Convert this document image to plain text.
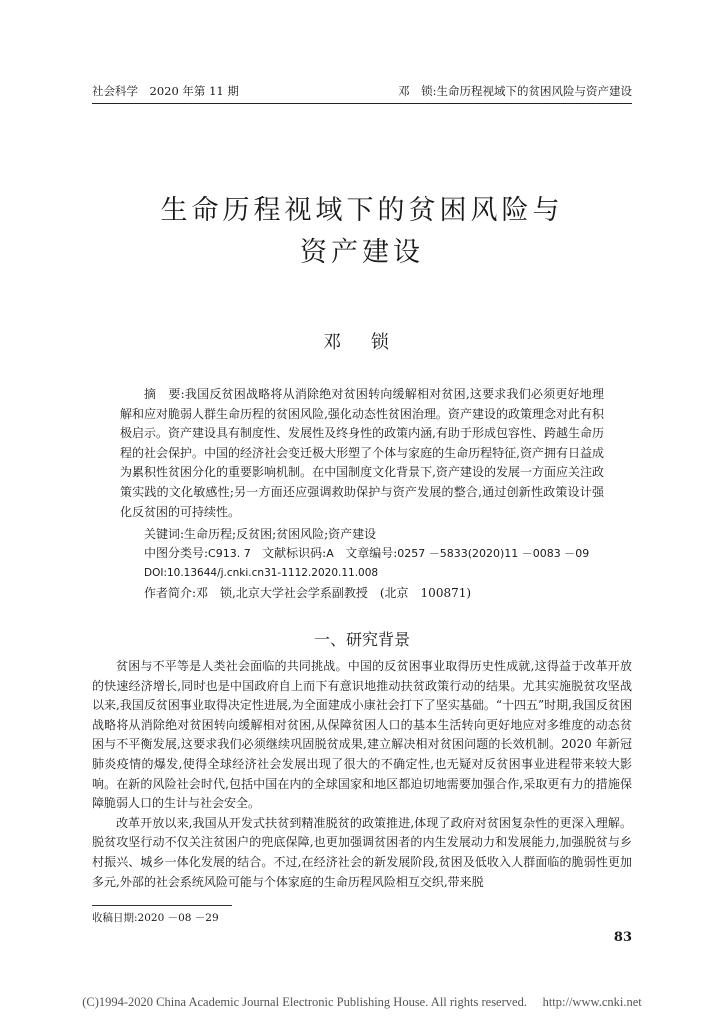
社会科学　2020 年第 11 期	邓　锁:生命历程视域下的贫困风险与资产建设
生命历程视域下的贫困风险与
资产建设
邓 锁
摘　要:我国反贫困战略将从消除绝对贫困转向缓解相对贫困,这要求我们必须更好地理解和应对脆弱人群生命历程的贫困风险,强化动态性贫困治理。资产建设的政策理念对此有积极启示。资产建设具有制度性、发展性及终身性的政策内涵,有助于形成包容性、跨越生命历程的社会保护。中国的经济社会变迁极大形塑了个体与家庭的生命历程特征,资产拥有日益成为累积性贫困分化的重要影响机制。在中国制度文化背景下,资产建设的发展一方面应关注政策实践的文化敏感性;另一方面还应强调救助保护与资产发展的整合,通过创新性政策设计强化反贫困的可持续性。
关键词:生命历程;反贫困;贫困风险;资产建设
中图分类号:C913. 7 文献标识码:A 文章编号:0257 －5833(2020)11 －0083 －09
DOI:10.13644/j.cnki.cn31-1112.2020.11.008
作者简介:邓　锁,北京大学社会学系副教授　(北京　100871)
一、研究背景

贫困与不平等是人类社会面临的共同挑战。中国的反贫困事业取得历史性成就,这得益于改革开放的快速经济增长,同时也是中国政府自上而下有意识地推动扶贫政策行动的结果。尤其实施脱贫攻坚战以来,我国反贫困事业取得决定性进展,为全面建成小康社会打下了坚实基础。“十四五”时期,我国反贫困战略将从消除绝对贫困转向缓解相对贫困,从保障贫困人口的基本生活转向更好地应对多维度的动态贫困与不平衡发展,这要求我们必须继续巩固脱贫成果,建立解决相对贫困问题的长效机制。2020 年新冠肺炎疫情的爆发,使得全球经济社会发展出现了很大的不确定性,也无疑对反贫困事业进程带来较大影响。在新的风险社会时代,包括中国在内的全球国家和地区都迫切地需要加强合作,采取更有力的措施保障脆弱人口的生计与社会安全。

改革开放以来,我国从开发式扶贫到精准脱贫的政策推进,体现了政府对贫困复杂性的更深入理解。脱贫攻坚行动不仅关注贫困户的兜底保障,也更加强调贫困者的内生发展动力和发展能力,加强脱贫与乡村振兴、城乡一体化发展的结合。不过,在经济社会的新发展阶段,贫困及低收入人群面临的脆弱性更加多元,外部的社会系统风险可能与个体家庭的生命历程风险相互交织,带来脱

收稿日期:2020 －08 －29
83
(C)1994-2020 China Academic Journal Electronic Publishing House. All rights reserved.　 http://www.cnki.net
